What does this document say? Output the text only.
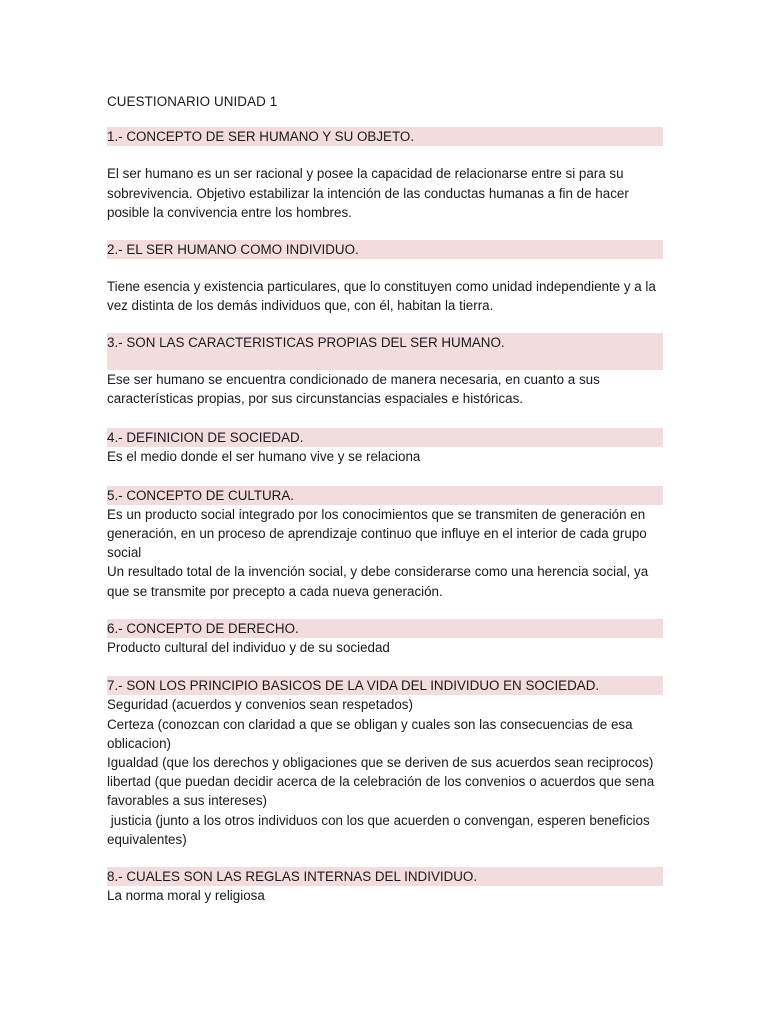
CUESTIONARIO UNIDAD 1
1.- CONCEPTO DE SER HUMANO Y SU OBJETO.

El ser humano es un ser racional y posee la capacidad de relacionarse entre si para su sobrevivencia. Objetivo estabilizar la intención de las conductas humanas a fin de hacer posible la convivencia entre los hombres.

2.- EL SER HUMANO COMO INDIVIDUO.

Tiene esencia y existencia particulares, que lo constituyen como unidad independiente y a la vez distinta de los demás individuos que, con él, habitan la tierra.

3.- SON LAS CARACTERISTICAS PROPIAS DEL SER HUMANO.

Ese ser humano se encuentra condicionado de manera necesaria, en cuanto a sus características propias, por sus circunstancias espaciales e históricas.

4.- DEFINICION DE SOCIEDAD.

Es el medio donde el ser humano vive y se relaciona

5.- CONCEPTO DE CULTURA.

Es un producto social integrado por los conocimientos que se transmiten de generación en generación, en un proceso de aprendizaje continuo que influye en el interior de cada grupo social

Un resultado total de la invención social, y debe considerarse como una herencia social, ya que se transmite por precepto a cada nueva generación.

6.- CONCEPTO DE DERECHO.

Producto cultural del individuo y de su sociedad

7.- SON LOS PRINCIPIO BASICOS DE LA VIDA DEL INDIVIDUO EN SOCIEDAD.

Seguridad (acuerdos y convenios sean respetados)

Certeza (conozcan con claridad a que se obligan y cuales son las consecuencias de esa oblicacion)

Igualdad (que los derechos y obligaciones que se deriven de sus acuerdos sean reciprocos)

libertad (que puedan decidir acerca de la celebración de los convenios o acuerdos que sena favorables a sus intereses)

justicia (junto a los otros individuos con los que acuerden o convengan, esperen beneficios equivalentes)

8.- CUALES SON LAS REGLAS INTERNAS DEL INDIVIDUO.

La norma moral y religiosa
